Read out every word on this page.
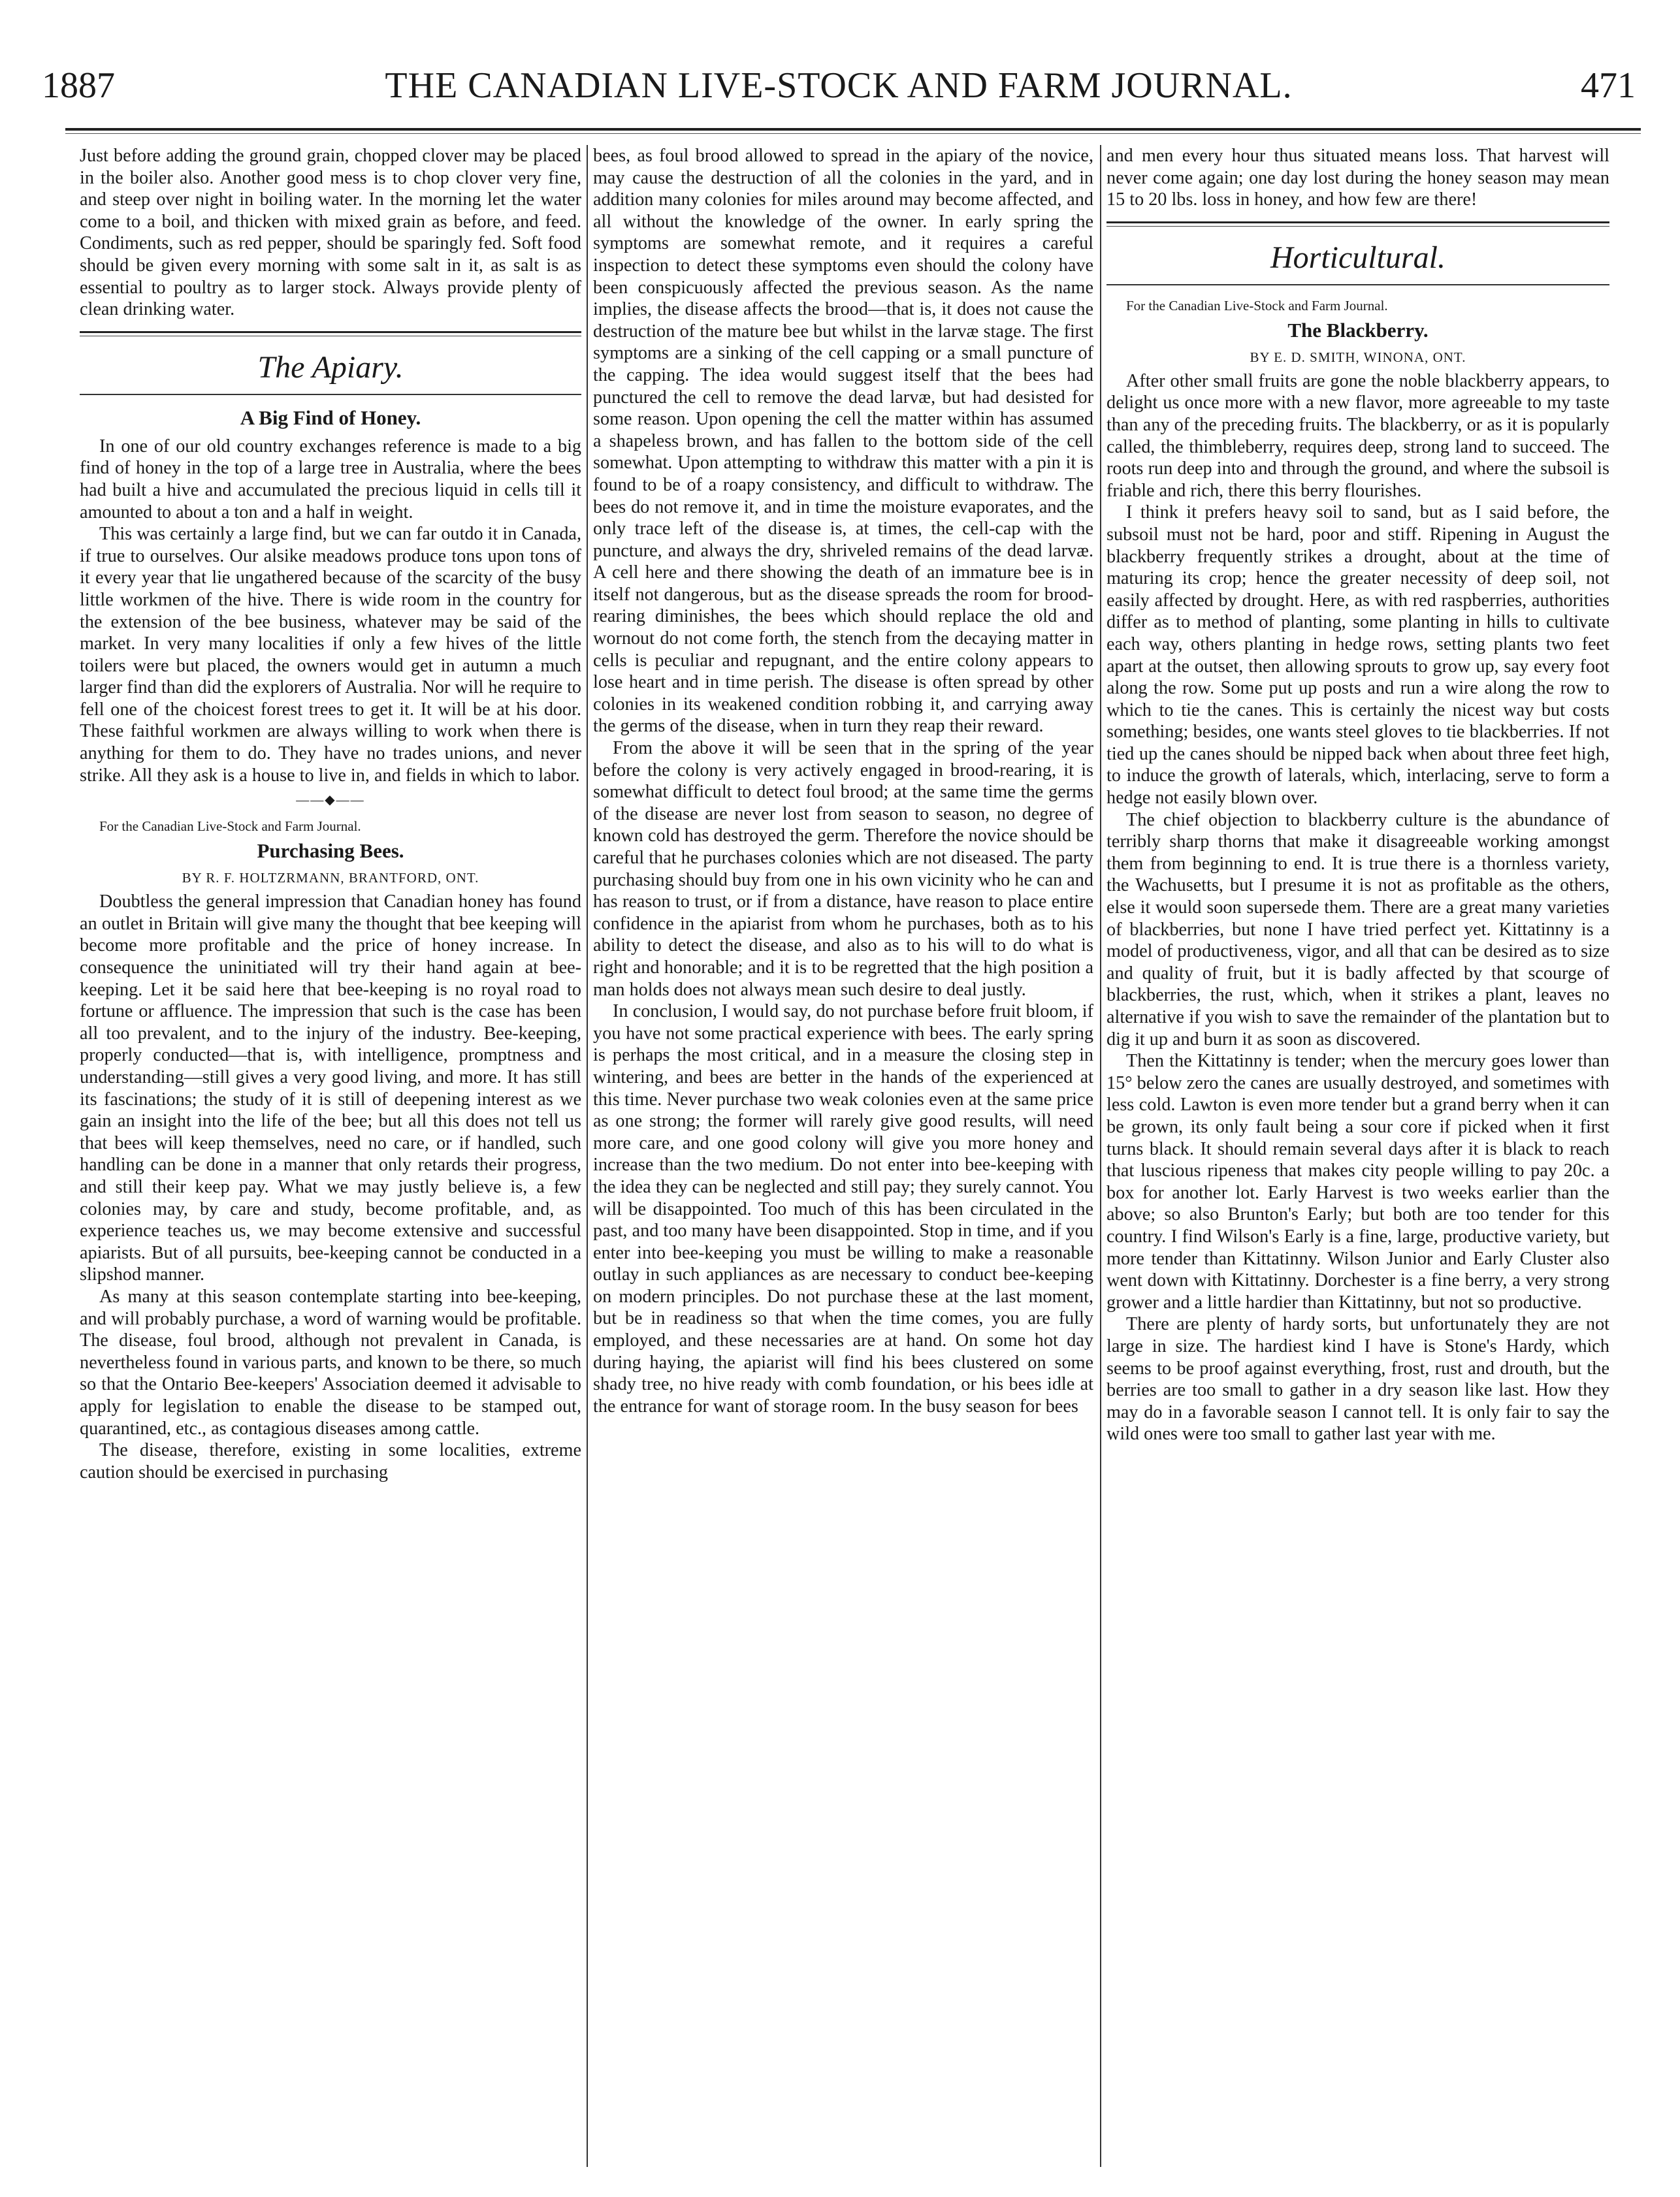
THE CANADIAN LIVE-STOCK AND FARM JOURNAL.
1887	471

Just before adding the ground grain, chopped clover may be placed in the boiler also. Another good mess is to chop clover very fine, and steep over night in boiling water. In the morning let the water come to a boil, and thicken with mixed grain as before, and feed. Condiments, such as red pepper, should be sparingly fed. Soft food should be given every morning with some salt in it, as salt is as essential to poultry as to larger stock. Always provide plenty of clean drinking water.

The Apiary.
A Big Find of Honey.

In one of our old country exchanges reference is made to a big find of honey in the top of a large tree in Australia, where the bees had built a hive and accumulated the precious liquid in cells till it amounted to about a ton and a half in weight.

This was certainly a large find, but we can far outdo it in Canada, if true to ourselves. Our alsike meadows produce tons upon tons of it every year that lie ungathered because of the scarcity of the busy little workmen of the hive. There is wide room in the country for the extension of the bee business, whatever may be said of the market. In very many localities if only a few hives of the little toilers were but placed, the owners would get in autumn a much larger find than did the explorers of Australia. Nor will he require to fell one of the choicest forest trees to get it. It will be at his door. These faithful workmen are always willing to work when there is anything for them to do. They have no trades unions, and never strike. All they ask is a house to live in, and fields in which to labor.

——◆——

For the Canadian Live-Stock and Farm Journal.

Purchasing Bees.
BY R. F. HOLTZRMANN, BRANTFORD, ONT.

Doubtless the general impression that Canadian honey has found an outlet in Britain will give many the thought that bee keeping will become more profitable and the price of honey increase. In consequence the uninitiated will try their hand again at bee-keeping. Let it be said here that bee-keeping is no royal road to fortune or affluence. The impression that such is the case has been all too prevalent, and to the injury of the industry. Bee-keeping, properly conducted—that is, with intelligence, promptness and understanding—still gives a very good living, and more. It has still its fascinations; the study of it is still of deepening interest as we gain an insight into the life of the bee; but all this does not tell us that bees will keep themselves, need no care, or if handled, such handling can be done in a manner that only retards their progress, and still their keep pay. What we may justly believe is, a few colonies may, by care and study, become profitable, and, as experience teaches us, we may become extensive and successful apiarists. But of all pursuits, bee-keeping cannot be conducted in a slipshod manner.

As many at this season contemplate starting into bee-keeping, and will probably purchase, a word of warning would be profitable. The disease, foul brood, although not prevalent in Canada, is nevertheless found in various parts, and known to be there, so much so that the Ontario Bee-keepers' Association deemed it advisable to apply for legislation to enable the disease to be stamped out, quarantined, etc., as contagious diseases among cattle.

The disease, therefore, existing in some localities, extreme caution should be exercised in purchasing

bees, as foul brood allowed to spread in the apiary of the novice, may cause the destruction of all the colonies in the yard, and in addition many colonies for miles around may become affected, and all without the knowledge of the owner. In early spring the symptoms are somewhat remote, and it requires a careful inspection to detect these symptoms even should the colony have been conspicuously affected the previous season. As the name implies, the disease affects the brood—that is, it does not cause the destruction of the mature bee but whilst in the larvæ stage. The first symptoms are a sinking of the cell capping or a small puncture of the capping. The idea would suggest itself that the bees had punctured the cell to remove the dead larvæ, but had desisted for some reason. Upon opening the cell the matter within has assumed a shapeless brown, and has fallen to the bottom side of the cell somewhat. Upon attempting to withdraw this matter with a pin it is found to be of a roapy consistency, and difficult to withdraw. The bees do not remove it, and in time the moisture evaporates, and the only trace left of the disease is, at times, the cell-cap with the puncture, and always the dry, shriveled remains of the dead larvæ. A cell here and there showing the death of an immature bee is in itself not dangerous, but as the disease spreads the room for brood-rearing diminishes, the bees which should replace the old and wornout do not come forth, the stench from the decaying matter in cells is peculiar and repugnant, and the entire colony appears to lose heart and in time perish. The disease is often spread by other colonies in its weakened condition robbing it, and carrying away the germs of the disease, when in turn they reap their reward.

From the above it will be seen that in the spring of the year before the colony is very actively engaged in brood-rearing, it is somewhat difficult to detect foul brood; at the same time the germs of the disease are never lost from season to season, no degree of known cold has destroyed the germ. Therefore the novice should be careful that he purchases colonies which are not diseased. The party purchasing should buy from one in his own vicinity who he can and has reason to trust, or if from a distance, have reason to place entire confidence in the apiarist from whom he purchases, both as to his ability to detect the disease, and also as to his will to do what is right and honorable; and it is to be regretted that the high position a man holds does not always mean such desire to deal justly.

In conclusion, I would say, do not purchase before fruit bloom, if you have not some practical experience with bees. The early spring is perhaps the most critical, and in a measure the closing step in wintering, and bees are better in the hands of the experienced at this time. Never purchase two weak colonies even at the same price as one strong; the former will rarely give good results, will need more care, and one good colony will give you more honey and increase than the two medium. Do not enter into bee-keeping with the idea they can be neglected and still pay; they surely cannot. You will be disappointed. Too much of this has been circulated in the past, and too many have been disappointed. Stop in time, and if you enter into bee-keeping you must be willing to make a reasonable outlay in such appliances as are necessary to conduct bee-keeping on modern principles. Do not purchase these at the last moment, but be in readiness so that when the time comes, you are fully employed, and these necessaries are at hand. On some hot day during haying, the apiarist will find his bees clustered on some shady tree, no hive ready with comb foundation, or his bees idle at the entrance for want of storage room. In the busy season for bees

and men every hour thus situated means loss. That harvest will never come again; one day lost during the honey season may mean 15 to 20 lbs. loss in honey, and how few are there!

Horticultural.

For the Canadian Live-Stock and Farm Journal.

The Blackberry.
BY E. D. SMITH, WINONA, ONT.

After other small fruits are gone the noble blackberry appears, to delight us once more with a new flavor, more agreeable to my taste than any of the preceding fruits. The blackberry, or as it is popularly called, the thimbleberry, requires deep, strong land to succeed. The roots run deep into and through the ground, and where the subsoil is friable and rich, there this berry flourishes.

I think it prefers heavy soil to sand, but as I said before, the subsoil must not be hard, poor and stiff. Ripening in August the blackberry frequently strikes a drought, about at the time of maturing its crop; hence the greater necessity of deep soil, not easily affected by drought. Here, as with red raspberries, authorities differ as to method of planting, some planting in hills to cultivate each way, others planting in hedge rows, setting plants two feet apart at the outset, then allowing sprouts to grow up, say every foot along the row. Some put up posts and run a wire along the row to which to tie the canes. This is certainly the nicest way but costs something; besides, one wants steel gloves to tie blackberries. If not tied up the canes should be nipped back when about three feet high, to induce the growth of laterals, which, interlacing, serve to form a hedge not easily blown over.

The chief objection to blackberry culture is the abundance of terribly sharp thorns that make it disagreeable working amongst them from beginning to end. It is true there is a thornless variety, the Wachusetts, but I presume it is not as profitable as the others, else it would soon supersede them. There are a great many varieties of blackberries, but none I have tried perfect yet. Kittatinny is a model of productiveness, vigor, and all that can be desired as to size and quality of fruit, but it is badly affected by that scourge of blackberries, the rust, which, when it strikes a plant, leaves no alternative if you wish to save the remainder of the plantation but to dig it up and burn it as soon as discovered.

Then the Kittatinny is tender; when the mercury goes lower than 15° below zero the canes are usually destroyed, and sometimes with less cold. Lawton is even more tender but a grand berry when it can be grown, its only fault being a sour core if picked when it first turns black. It should remain several days after it is black to reach that luscious ripeness that makes city people willing to pay 20c. a box for another lot. Early Harvest is two weeks earlier than the above; so also Brunton's Early; but both are too tender for this country. I find Wilson's Early is a fine, large, productive variety, but more tender than Kittatinny. Wilson Junior and Early Cluster also went down with Kittatinny. Dorchester is a fine berry, a very strong grower and a little hardier than Kittatinny, but not so productive.

There are plenty of hardy sorts, but unfortunately they are not large in size. The hardiest kind I have is Stone's Hardy, which seems to be proof against everything, frost, rust and drouth, but the berries are too small to gather in a dry season like last. How they may do in a favorable season I cannot tell. It is only fair to say the wild ones were too small to gather last year with me.
